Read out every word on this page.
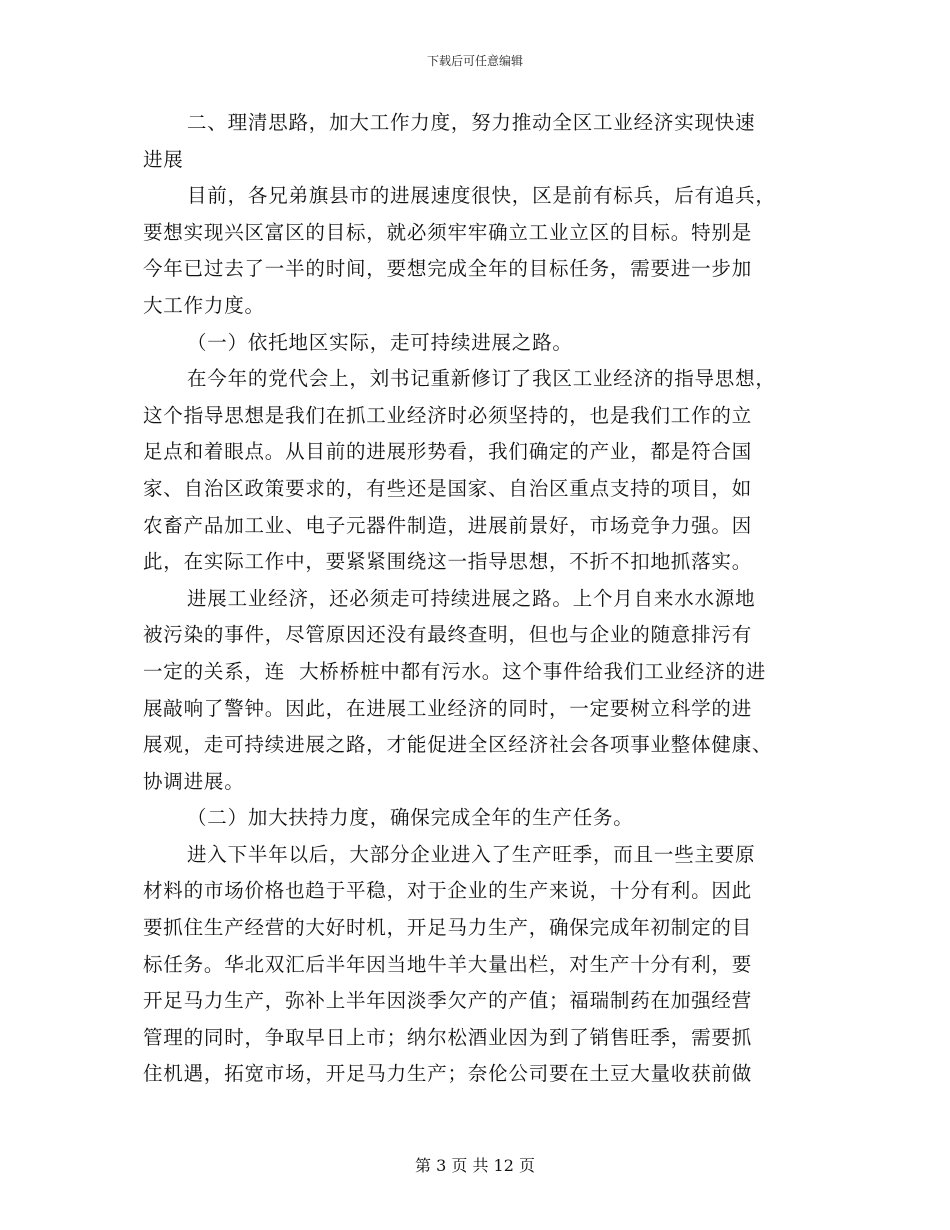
下载后可任意编辑
二、理清思路，加大工作力度，努力推动全区工业经济实现快速
进展
目前，各兄弟旗县市的进展速度很快，区是前有标兵，后有追兵，
要想实现兴区富区的目标，就必须牢牢确立工业立区的目标。特别是
今年已过去了一半的时间，要想完成全年的目标任务，需要进一步加
大工作力度。
（一）依托地区实际，走可持续进展之路。
在今年的党代会上，刘书记重新修订了我区工业经济的指导思想，
这个指导思想是我们在抓工业经济时必须坚持的，也是我们工作的立
足点和着眼点。从目前的进展形势看，我们确定的产业，都是符合国
家、自治区政策要求的，有些还是国家、自治区重点支持的项目，如
农畜产品加工业、电子元器件制造，进展前景好，市场竞争力强。因
此，在实际工作中，要紧紧围绕这一指导思想，不折不扣地抓落实。
进展工业经济，还必须走可持续进展之路。上个月自来水水源地
被污染的事件，尽管原因还没有最终查明，但也与企业的随意排污有
一定的关系，连  大桥桥桩中都有污水。这个事件给我们工业经济的进
展敲响了警钟。因此，在进展工业经济的同时，一定要树立科学的进
展观，走可持续进展之路，才能促进全区经济社会各项事业整体健康、
协调进展。
（二）加大扶持力度，确保完成全年的生产任务。
进入下半年以后，大部分企业进入了生产旺季，而且一些主要原
材料的市场价格也趋于平稳，对于企业的生产来说，十分有利。因此
要抓住生产经营的大好时机，开足马力生产，确保完成年初制定的目
标任务。华北双汇后半年因当地牛羊大量出栏，对生产十分有利，要
开足马力生产，弥补上半年因淡季欠产的产值；福瑞制药在加强经营
管理的同时，争取早日上市；纳尔松酒业因为到了销售旺季，需要抓
住机遇，拓宽市场，开足马力生产；奈伦公司要在土豆大量收获前做
第 3 页 共 12 页
